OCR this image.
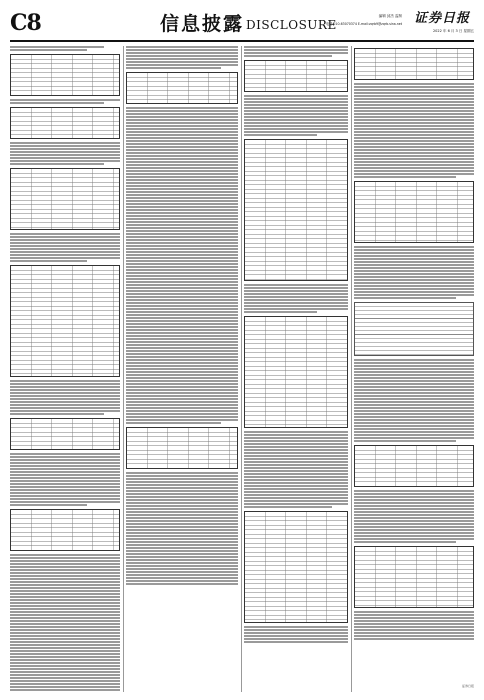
C8	信息披露 DISCLOSURE
编辑 邱杰 监制
电话:010-63070374 E-mail:zqrb9@zqrb.sina.net 证券日报
2022 年 6 月 3 日 星期五
证券日报
